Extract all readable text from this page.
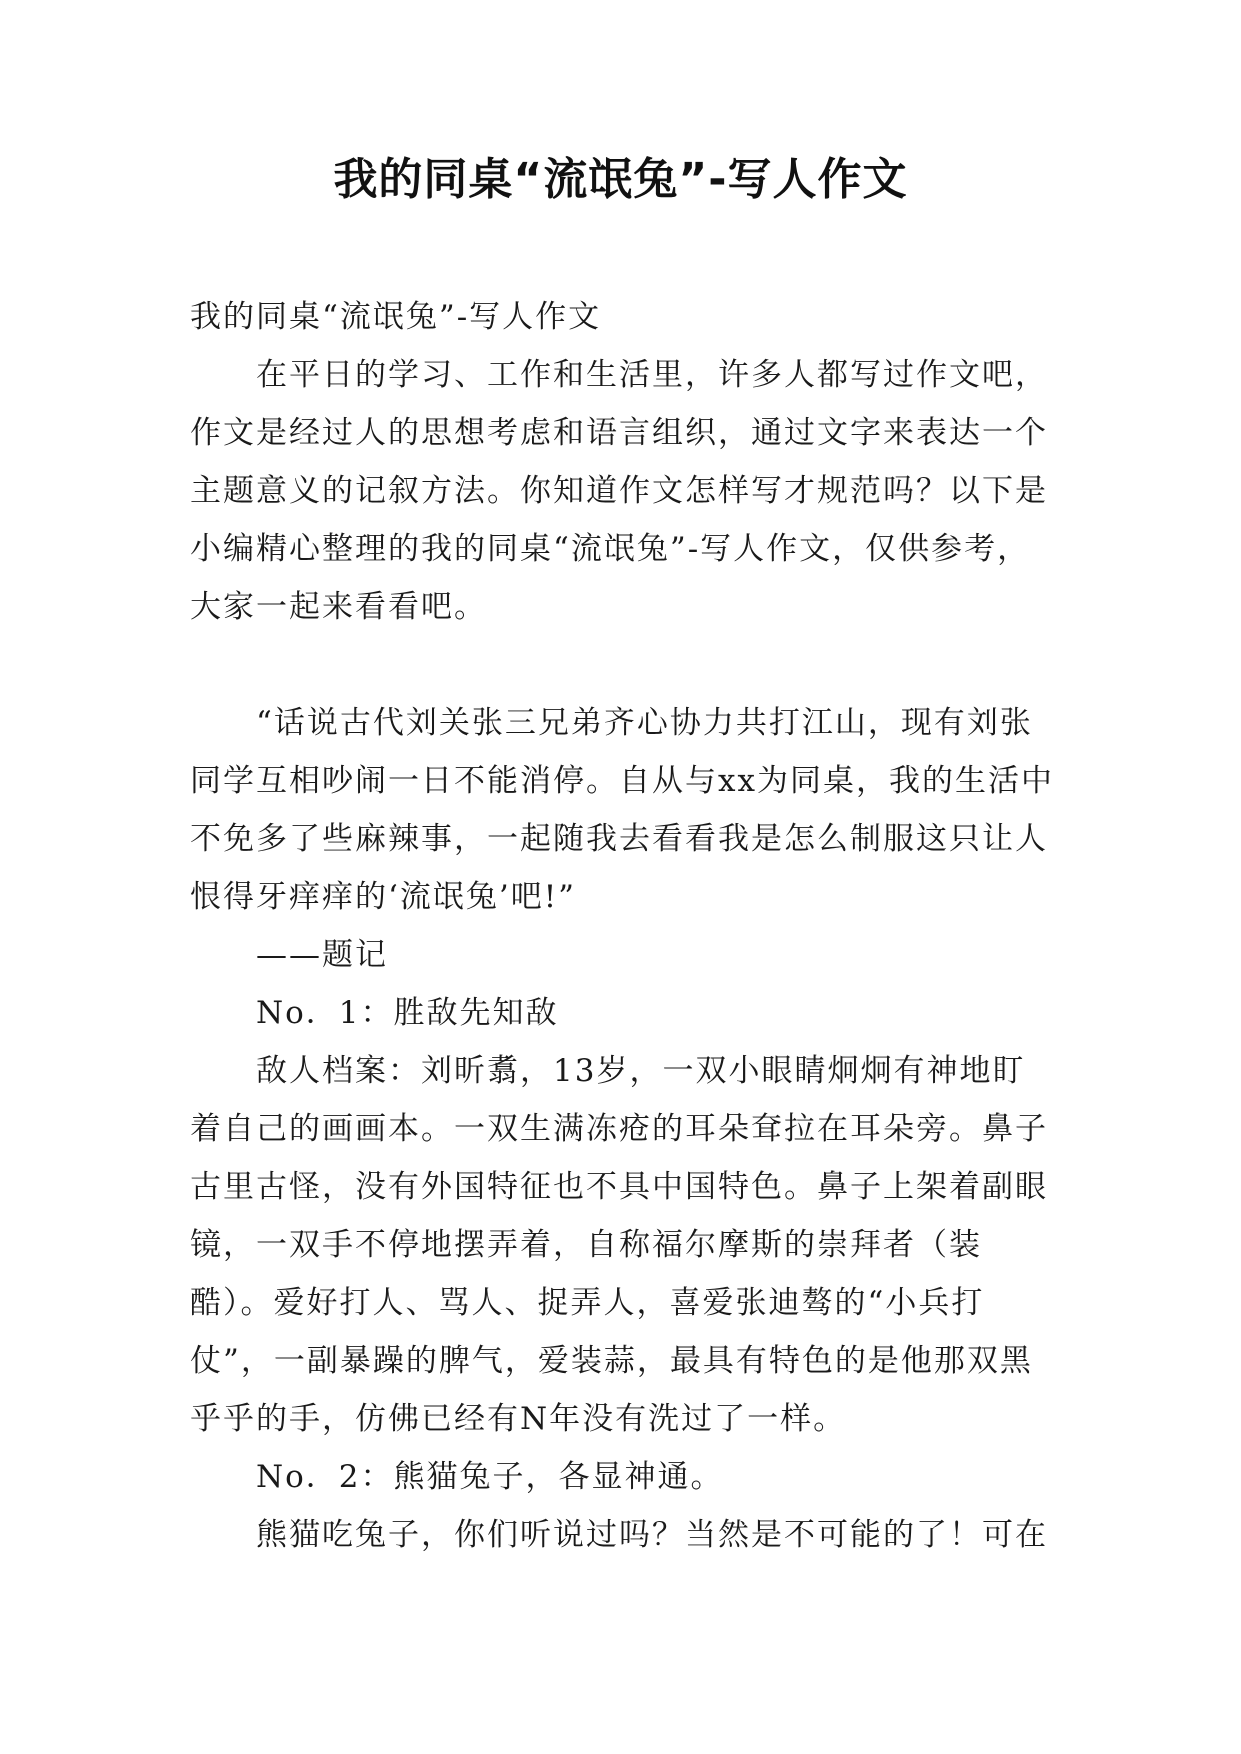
我的同桌“流氓兔”-写人作文

我的同桌“流氓兔”-写人作文

在平日的学习、工作和生活里，许多人都写过作文吧，作文是经过人的思想考虑和语言组织，通过文字来表达一个主题意义的记叙方法。你知道作文怎样写才规范吗？以下是小编精心整理的我的同桌“流氓兔”-写人作文，仅供参考，大家一起来看看吧。

“话说古代刘关张三兄弟齐心协力共打江山，现有刘张同学互相吵闹一日不能消停。自从与xx为同桌，我的生活中不免多了些麻辣事，一起随我去看看我是怎么制服这只让人恨得牙痒痒的‘流氓兔’吧!”

——题记

No．1：胜敌先知敌

敌人档案：刘昕翥，13岁，一双小眼睛炯炯有神地盯着自己的画画本。一双生满冻疮的耳朵耷拉在耳朵旁。鼻子古里古怪，没有外国特征也不具中国特色。鼻子上架着副眼镜，一双手不停地摆弄着，自称福尔摩斯的崇拜者（装酷）。爱好打人、骂人、捉弄人，喜爱张迪骜的“小兵打仗”，一副暴躁的脾气，爱装蒜，最具有特色的是他那双黑乎乎的手，仿佛已经有N年没有洗过了一样。

No．2：熊猫兔子，各显神通。

熊猫吃兔子，你们听说过吗？当然是不可能的了！可在
